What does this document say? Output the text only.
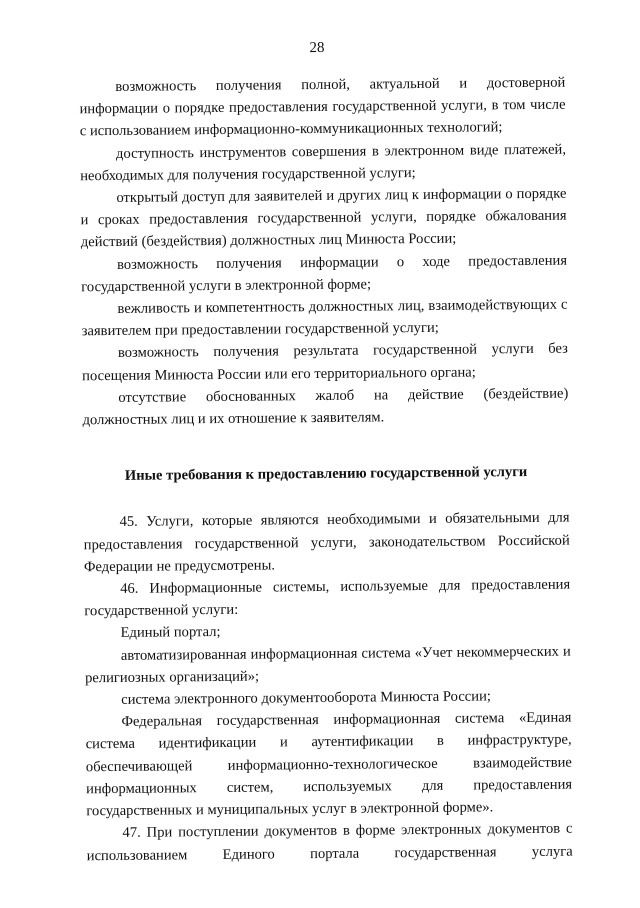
28

возможность получения полной, актуальной и достоверной информации о порядке предоставления государственной услуги, в том числе с использованием информационно-коммуникационных технологий;

доступность инструментов совершения в электронном виде платежей, необходимых для получения государственной услуги;

открытый доступ для заявителей и других лиц к информации о порядке и сроках предоставления государственной услуги, порядке обжалования действий (бездействия) должностных лиц Минюста России;

возможность получения информации о ходе предоставления государственной услуги в электронной форме;

вежливость и компетентность должностных лиц, взаимодействующих с заявителем при предоставлении государственной услуги;

возможность получения результата государственной услуги без посещения Минюста России или его территориального органа;

отсутствие обоснованных жалоб на действие (бездействие) должностных лиц и их отношение к заявителям.

Иные требования к предоставлению государственной услуги

45. Услуги, которые являются необходимыми и обязательными для предоставления государственной услуги, законодательством Российской Федерации не предусмотрены.

46. Информационные системы, используемые для предоставления государственной услуги:

Единый портал;

автоматизированная информационная система «Учет некоммерческих и религиозных организаций»;

система электронного документооборота Минюста России;

Федеральная государственная информационная система «Единая система идентификации и аутентификации в инфраструктуре, обеспечивающей информационно-технологическое взаимодействие информационных систем, используемых для предоставления государственных и муниципальных услуг в электронной форме».

47. При поступлении документов в форме электронных документов с использованием Единого портала государственная услуга
